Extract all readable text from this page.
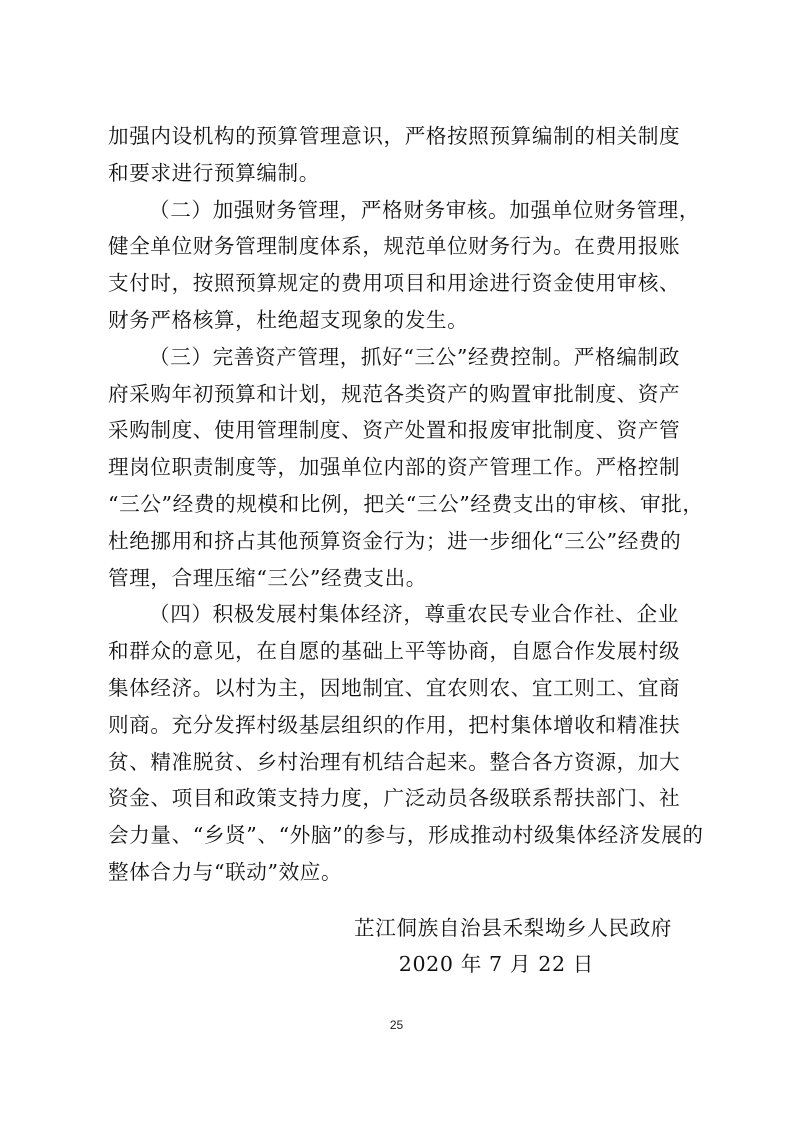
加强内设机构的预算管理意识，严格按照预算编制的相关制度
和要求进行预算编制。
（二）加强财务管理，严格财务审核。加强单位财务管理，
健全单位财务管理制度体系，规范单位财务行为。在费用报账
支付时，按照预算规定的费用项目和用途进行资金使用审核、
财务严格核算，杜绝超支现象的发生。
（三）完善资产管理，抓好“三公”经费控制。严格编制政
府采购年初预算和计划，规范各类资产的购置审批制度、资产
采购制度、使用管理制度、资产处置和报废审批制度、资产管
理岗位职责制度等，加强单位内部的资产管理工作。严格控制
“三公”经费的规模和比例，把关“三公”经费支出的审核、审批，
杜绝挪用和挤占其他预算资金行为；进一步细化“三公”经费的
管理，合理压缩“三公”经费支出。
（四）积极发展村集体经济，尊重农民专业合作社、企业
和群众的意见，在自愿的基础上平等协商，自愿合作发展村级
集体经济。以村为主，因地制宜、宜农则农、宜工则工、宜商
则商。充分发挥村级基层组织的作用，把村集体增收和精准扶
贫、精准脱贫、乡村治理有机结合起来。整合各方资源，加大
资金、项目和政策支持力度，广泛动员各级联系帮扶部门、社
会力量、“乡贤”、“外脑”的参与，形成推动村级集体经济发展的
整体合力与“联动”效应。
芷江侗族自治县禾梨坳乡人民政府
2020 年 7 月 22 日
25
